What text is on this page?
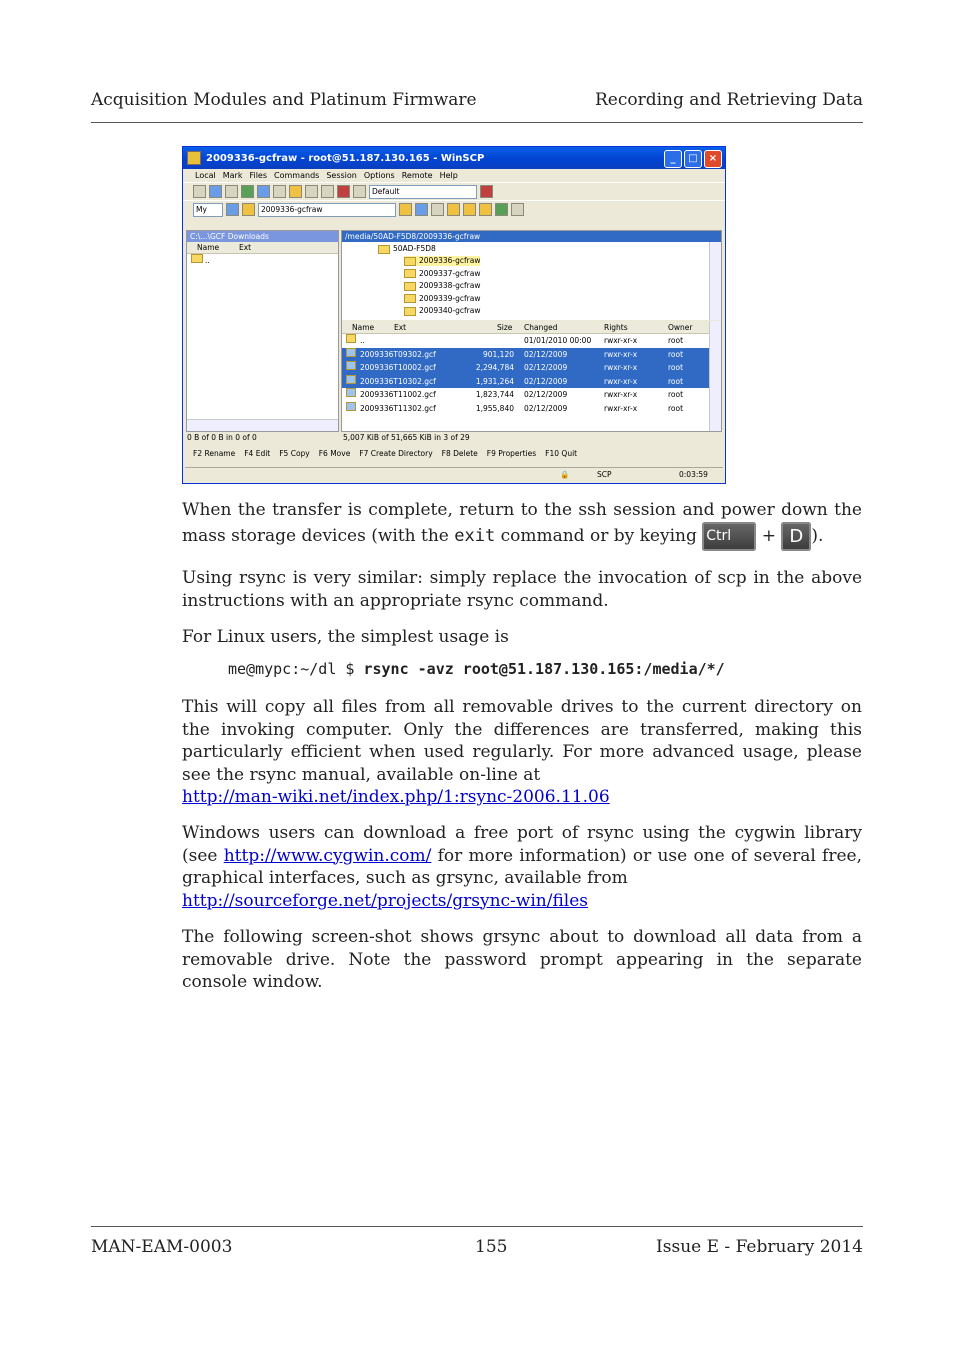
Acquisition Modules and Platinum Firmware	Recording and Retrieving Data
2009336-gcfraw - root@51.187.130.165 - WinSCP	_	□	×
Local Mark Files Commands Session Options Remote Help
Default
My	2009336-gcfraw
C:\...\GCF Downloads
Name	Ext
..
/media/50AD-F5D8/2009336-gcfraw
50AD-F5D8
2009336-gcfraw
2009337-gcfraw
2009338-gcfraw
2009339-gcfraw
2009340-gcfraw
Name	Ext	Size Changed	Rights	Owner
..	01/01/2010 00:00 rwxr-xr-x	root
2009336T09302.gcf	901,120 02/12/2009	rwxr-xr-x	root
2009336T10002.gcf	2,294,784 02/12/2009	rwxr-xr-x	root
2009336T10302.gcf	1,931,264 02/12/2009	rwxr-xr-x	root
2009336T11002.gcf	1,823,744 02/12/2009	rwxr-xr-x	root
2009336T11302.gcf	1,955,840 02/12/2009	rwxr-xr-x	root
0 B of 0 B in 0 of 0	5,007 KiB of 51,665 KiB in 3 of 29
F2 Rename F4 Edit F5 Copy F6 Move F7 Create Directory F8 Delete F9 Properties F10 Quit
🔒	SCP	0:03:59
When the transfer is complete, return to the ssh session and power down the mass storage devices (with the exit command or by keying Ctrl + D ).
Using rsync is very similar: simply replace the invocation of scp in the above instructions with an appropriate rsync command.
For Linux users, the simplest usage is
me@mypc:~/dl $ rsync -avz root@51.187.130.165:/media/*/
This will copy all files from all removable drives to the current directory on the invoking computer. Only the differences are transferred, making this particularly efficient when used regularly. For more advanced usage, please see the rsync manual, available on-line at
http://man-wiki.net/index.php/1:rsync-2006.11.06
Windows users can download a free port of rsync using the cygwin library (see http://www.cygwin.com/ for more information) or use one of several free, graphical interfaces, such as grsync, available from
http://sourceforge.net/projects/grsync-win/files
The following screen-shot shows grsync about to download all data from a removable drive. Note the password prompt appearing in the separate console window.
MAN-EAM-0003	155	Issue E - February 2014
